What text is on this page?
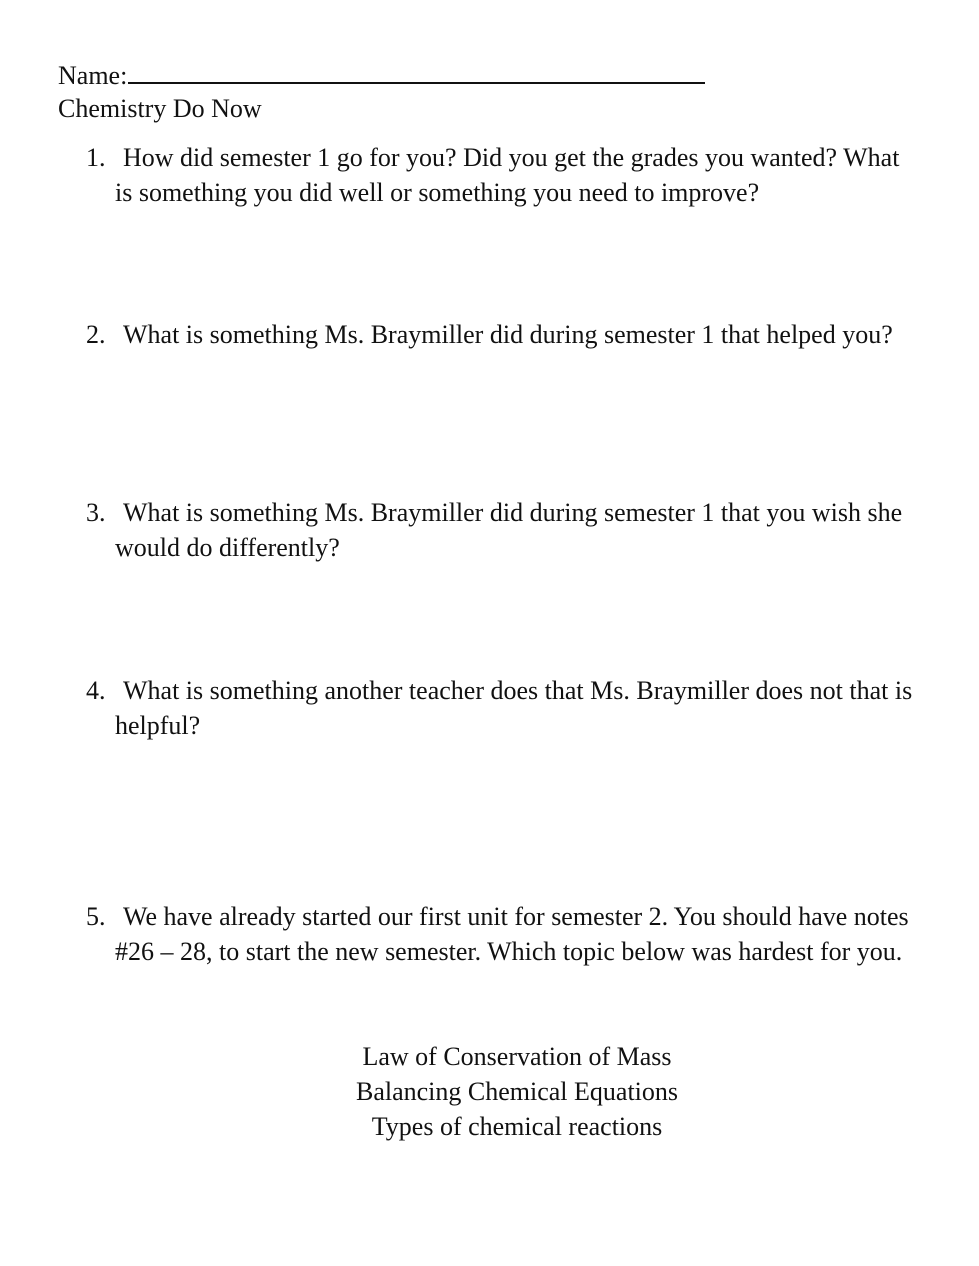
Name:
Chemistry Do Now
1. How did semester 1 go for you? Did you get the grades you wanted? What is something you did well or something you need to improve?
2. What is something Ms. Braymiller did during semester 1 that helped you?
3. What is something Ms. Braymiller did during semester 1 that you wish she would do differently?
4. What is something another teacher does that Ms. Braymiller does not that is helpful?
5. We have already started our first unit for semester 2. You should have notes #26 – 28, to start the new semester. Which topic below was hardest for you.
Law of Conservation of Mass
Balancing Chemical Equations
Types of chemical reactions
